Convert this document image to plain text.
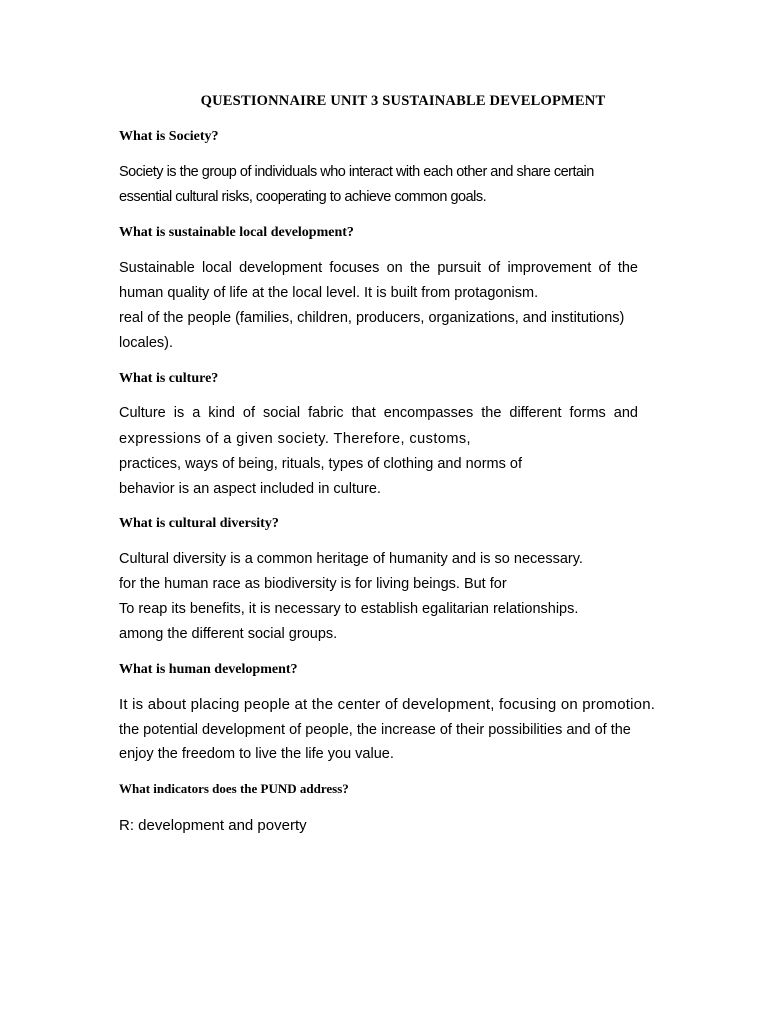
QUESTIONNAIRE UNIT 3 SUSTAINABLE DEVELOPMENT
What is Society?
Society is the group of individuals who interact with each other and share certain
essential cultural risks, cooperating to achieve common goals.
What is sustainable local development?
Sustainable local development focuses on the pursuit of improvement of the
human quality of life at the local level. It is built from protagonism.
real of the people (families, children, producers, organizations, and institutions)
locales).
What is culture?
Culture is a kind of social fabric that encompasses the different forms and
expressions of a given society. Therefore, customs,
practices, ways of being, rituals, types of clothing and norms of
behavior is an aspect included in culture.
What is cultural diversity?
Cultural diversity is a common heritage of humanity and is so necessary.
for the human race as biodiversity is for living beings. But for
To reap its benefits, it is necessary to establish egalitarian relationships.
among the different social groups.
What is human development?
It is about placing people at the center of development, focusing on promotion.
the potential development of people, the increase of their possibilities and of the
enjoy the freedom to live the life you value.
What indicators does the PUND address?
R: development and poverty
